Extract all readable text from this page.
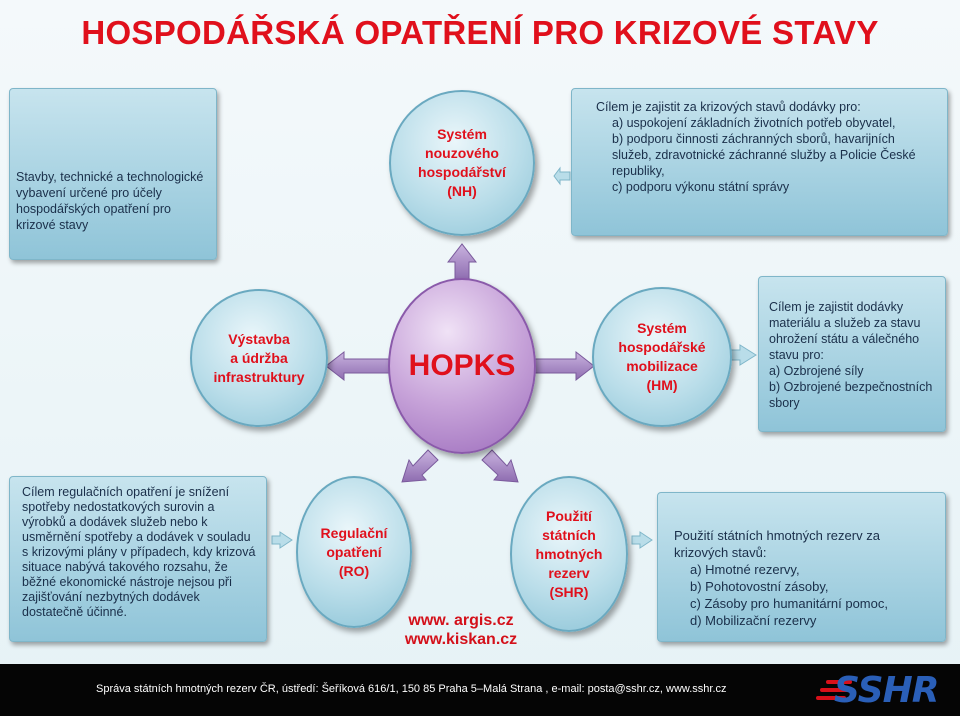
HOSPODÁŘSKÁ OPATŘENÍ PRO KRIZOVÉ STAVY
Stavby, technické a technologické vybavení určené pro účely hospodářských opatření pro krizové stavy
Systém
nouzového
hospodářství
(NH)
Cílem je zajistit za krizových stavů dodávky pro:
a) uspokojení základních životních potřeb obyvatel,
b) podporu činnosti záchranných sborů, havarijních služeb, zdravotnické záchranné služby a Policie České republiky,
c) podporu výkonu státní správy
Výstavba
a údržba
infrastruktury	HOPKS
Systém
hospodářské
mobilizace
(HM)
Cílem je zajistit dodávky materiálu a služeb za stavu ohrožení státu a válečného stavu pro:
a) Ozbrojené síly
b) Ozbrojené bezpečnostních sbory
Cílem regulačních opatření je snížení spotřeby nedostatkových surovin a výrobků a dodávek služeb nebo k usměrnění spotřeby a dodávek v souladu s krizovými plány v případech, kdy krizová situace nabývá takového rozsahu, že běžné ekonomické nástroje nejsou při zajišťování nezbytných dodávek dostatečně účinné.
Regulační
opatření
(RO)
Použití
státních
hmotných
rezerv
(SHR)
www. argis.cz
www.kiskan.cz
Použití státních hmotných rezerv za krizových stavů:
a) Hmotné rezervy,
b) Pohotovostní zásoby,
c) Zásoby pro humanitární pomoc,
d) Mobilizační rezervy
Správa státních hmotných rezerv ČR, ústředí: Šeříková 616/1, 150 85 Praha 5–Malá Strana , e-mail: posta@sshr.cz, www.sshr.cz	SSHR
